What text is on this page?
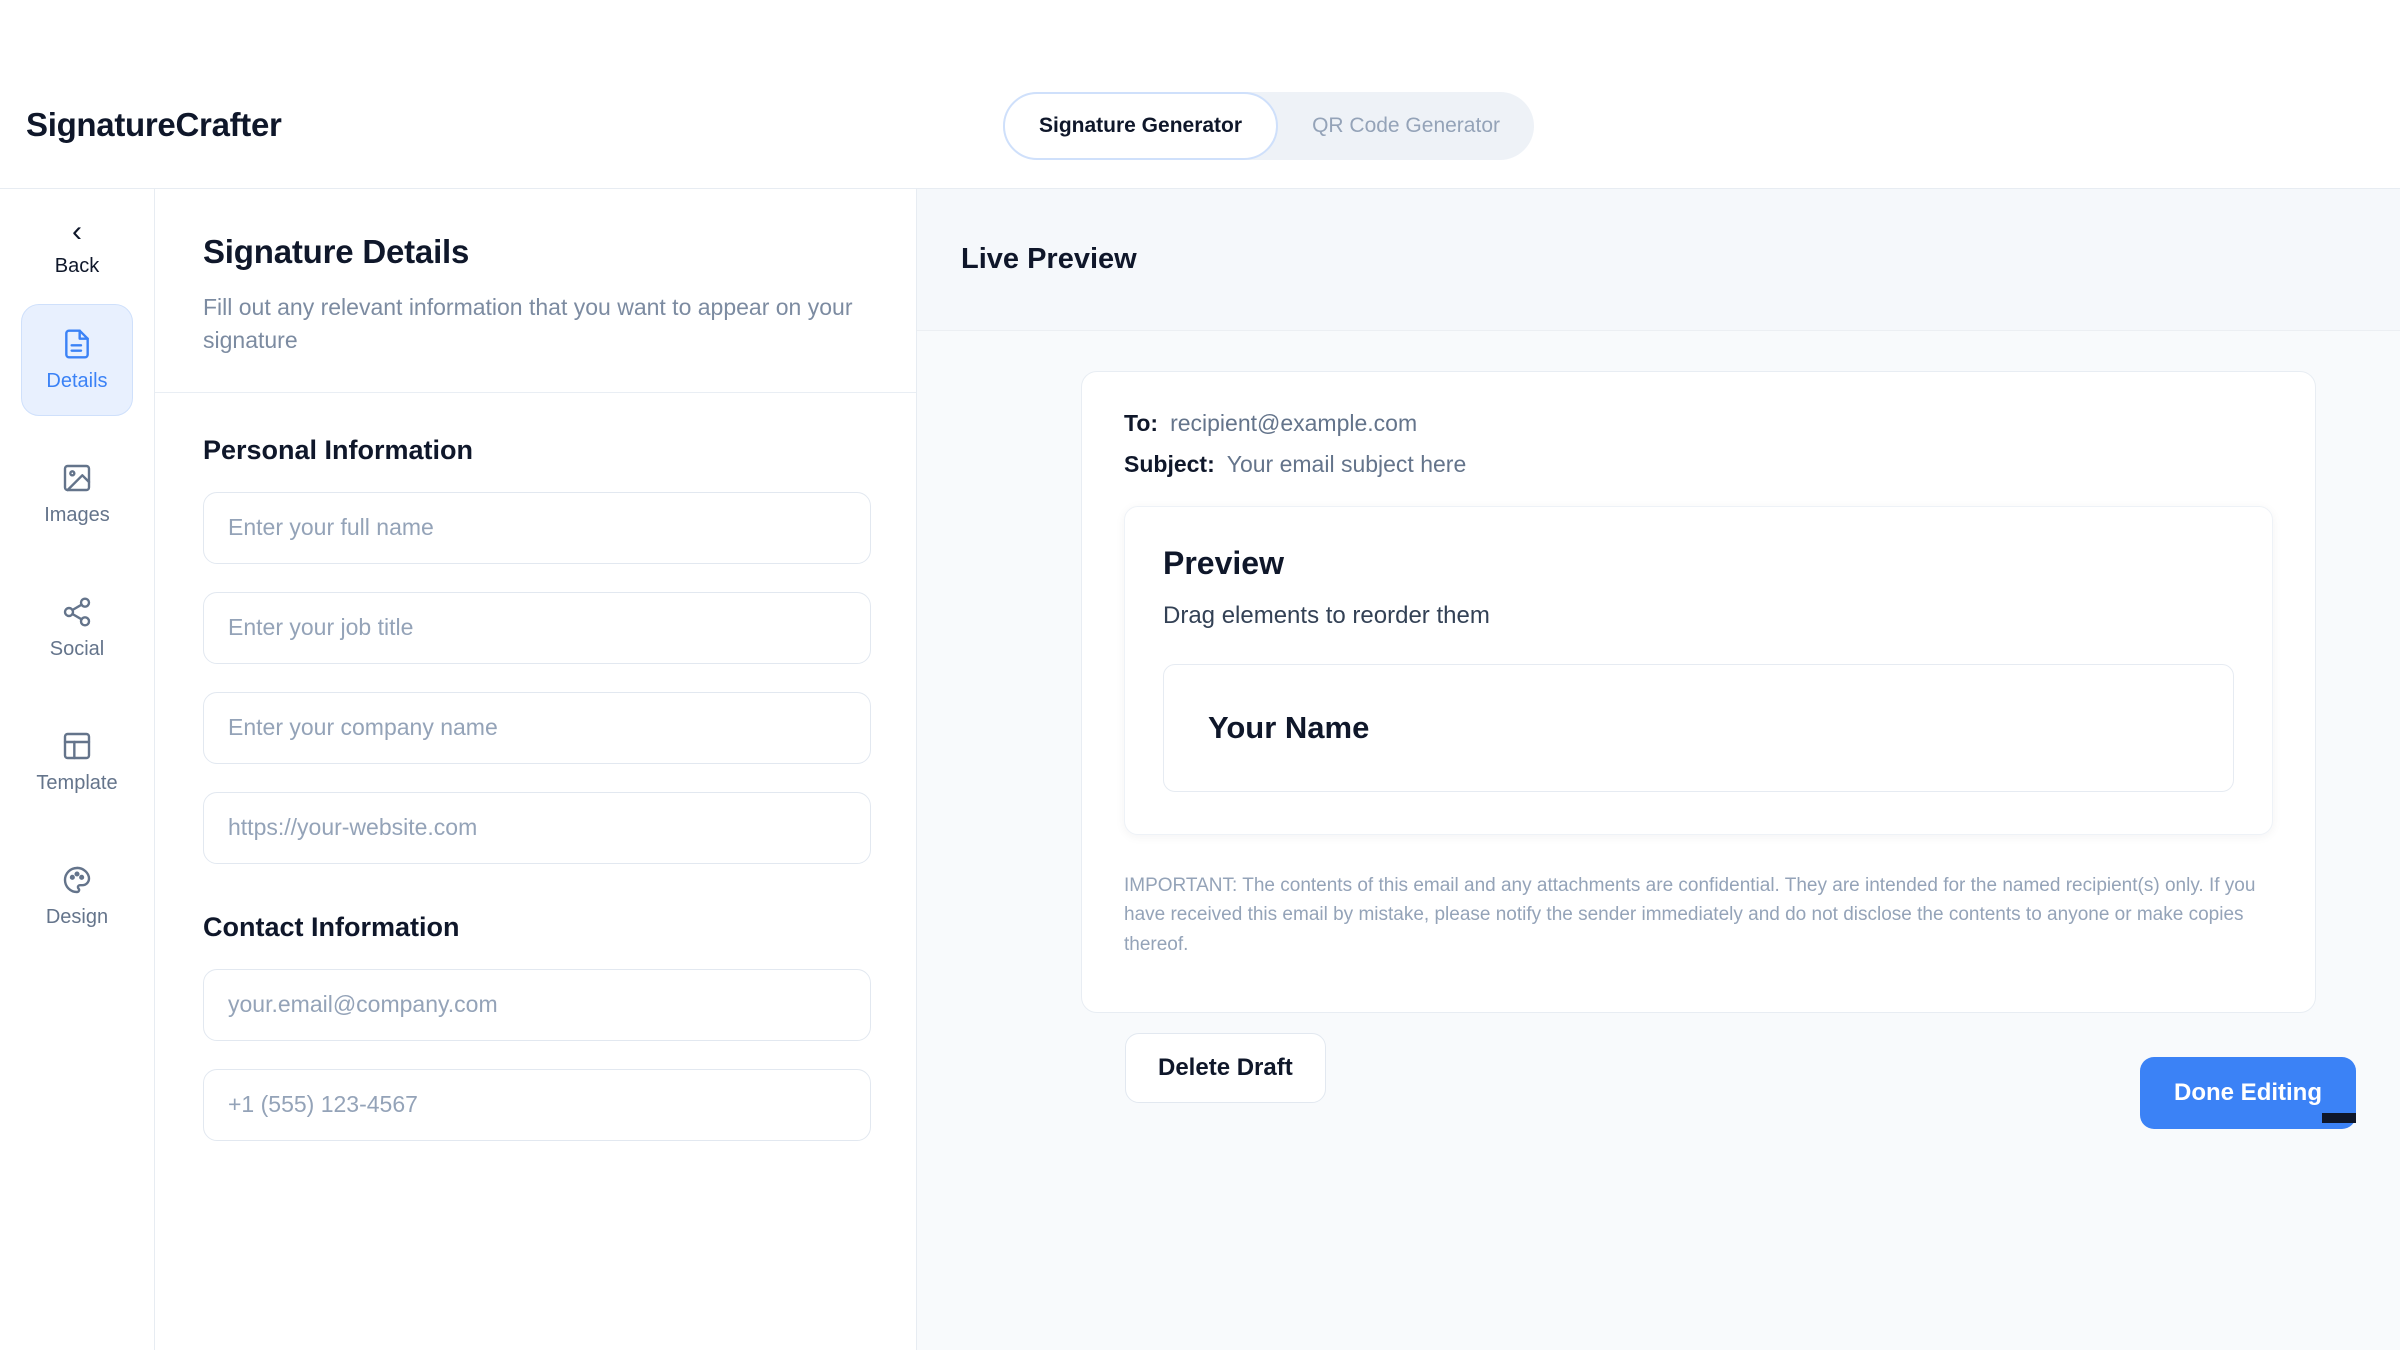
SignatureCrafter	Signature Generator	QR Code Generator
‹
Back
Details
Images
Social
Template
Design
Signature Details

Fill out any relevant information that you want to appear on your signature

Personal Information
Enter your full name
Enter your job title
Enter your company name
https://your-website.com
Contact Information
your.email@company.com
+1 (555) 123-4567
Live Preview
To: recipient@example.com
Subject: Your email subject here
Preview

Drag elements to reorder them

Your Name

IMPORTANT: The contents of this email and any attachments are confidential. They are intended for the named recipient(s) only. If you have received this email by mistake, please notify the sender immediately and do not disclose the contents to anyone or make copies thereof.

Delete Draft
Done Editing
